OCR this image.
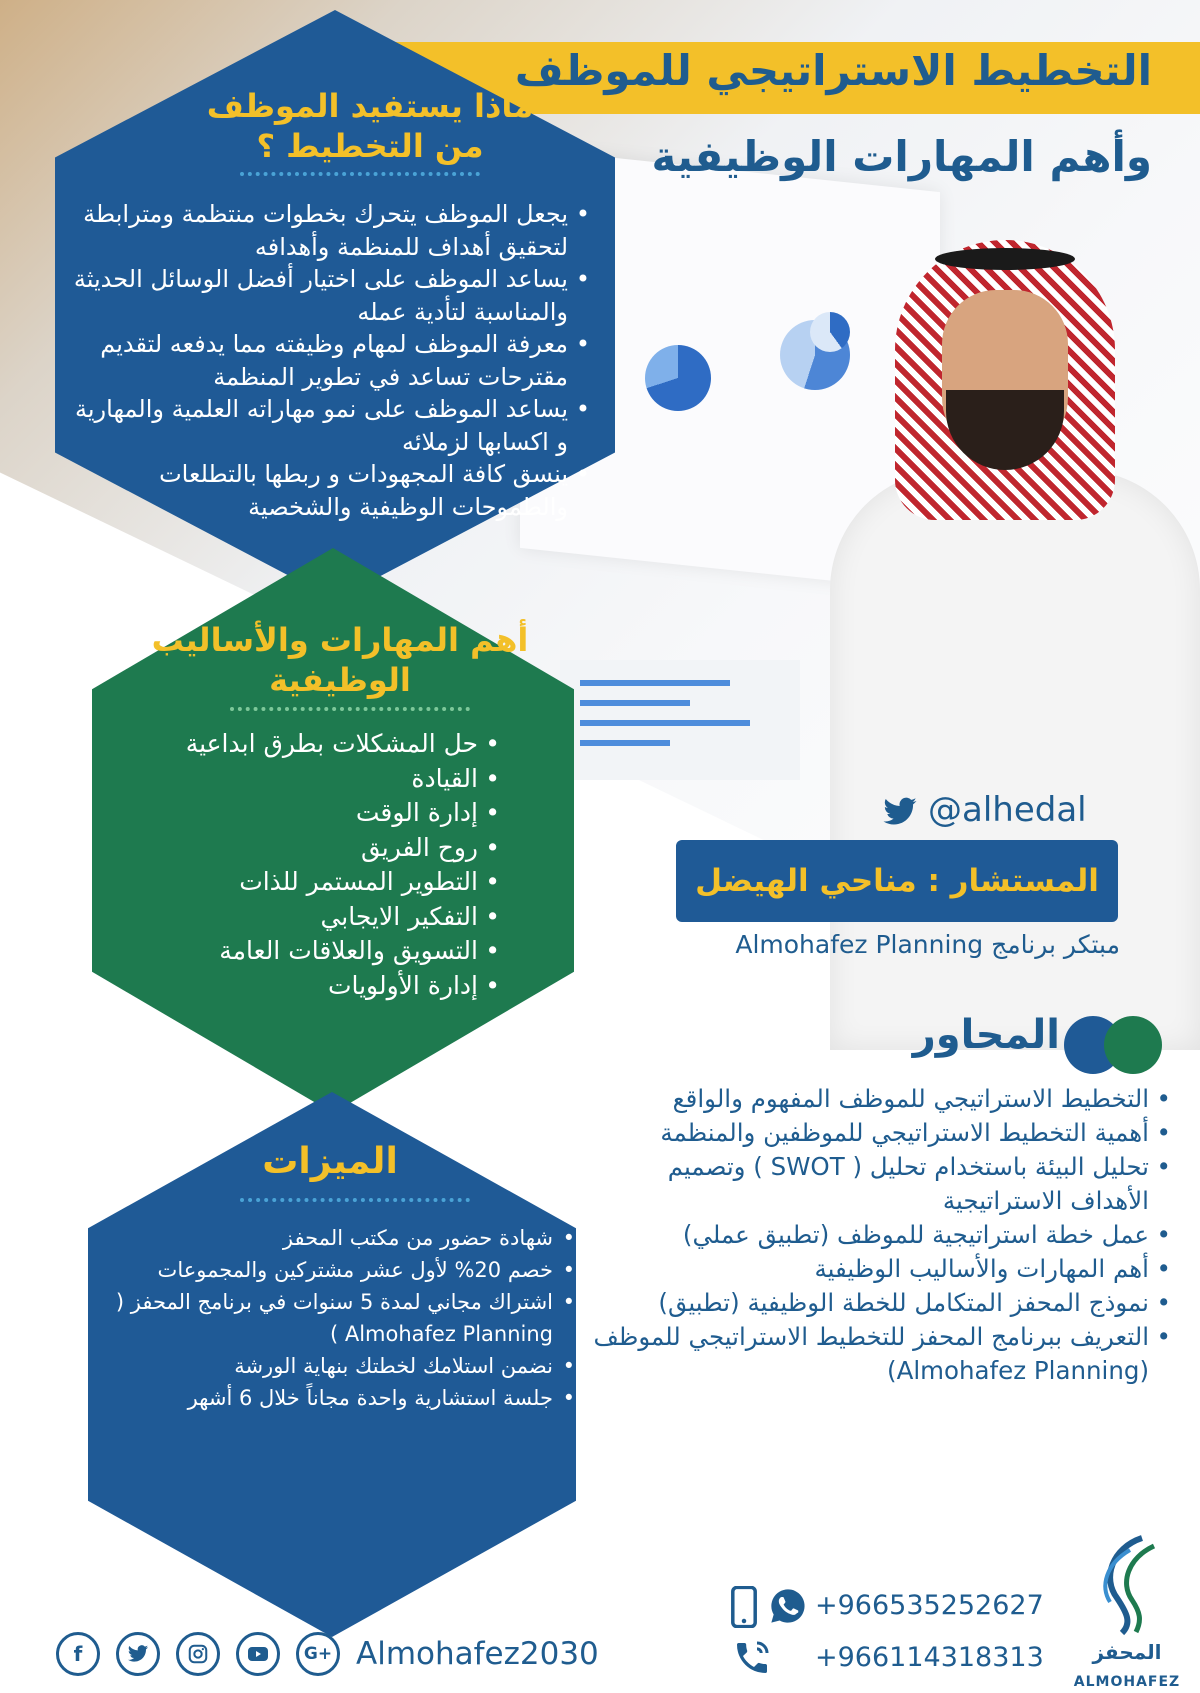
التخطيط الاستراتيجي للموظف
وأهم المهارات الوظيفية
ماذا يستفيد الموظف من التخطيط ؟
• يجعل الموظف يتحرك بخطوات منتظمة ومترابطة لتحقيق أهداف للمنظمة وأهدافه
• يساعد الموظف على اختيار أفضل الوسائل الحديثة والمناسبة لتأدية عمله
• معرفة الموظف لمهام وظيفته مما يدفعه لتقديم مقترحات تساعد في تطوير المنظمة
• يساعد الموظف على نمو مهاراته العلمية والمهارية و اكسابها لزملائه
• ينسق كافة المجهودات و ربطها بالتطلعات والطموحات الوظيفية والشخصية
أهم المهارات والأساليب الوظيفية
• حل المشكلات بطرق ابداعية
• القيادة
• إدارة الوقت
• روح الفريق
• التطوير المستمر للذات
• التفكير الايجابي
• التسويق والعلاقات العامة
• إدارة الأولويات
الميزات
• شهادة حضور من مكتب المحفز
• خصم 20% لأول عشر مشتركين والمجموعات
• اشتراك مجاني لمدة 5 سنوات في برنامج المحفز ( Almohafez Planning )
• نضمن استلامك لخطتك بنهاية الورشة
• جلسة استشارية واحدة مجاناً خلال 6 أشهر
@alhedal
المستشار : مناحي الهيضل
مبتكر برنامج Almohafez Planning
المحاور
• التخطيط الاستراتيجي للموظف المفهوم والواقع
• أهمية التخطيط الاستراتيجي للموظفين والمنظمة
• تحليل البيئة باستخدام تحليل ( SWOT ) وتصميم الأهداف الاستراتيجية
• عمل خطة استراتيجية للموظف (تطبيق عملي)
• أهم المهارات والأساليب الوظيفية
• نموذج المحفز المتكامل للخطة الوظيفية (تطبيق)
• التعريف ببرنامج المحفز للتخطيط الاستراتيجي للموظف (Almohafez Planning)
المحفز
ALMOHAFEZ
+966535252627
+966114318313
f	G+ Almohafez2030
